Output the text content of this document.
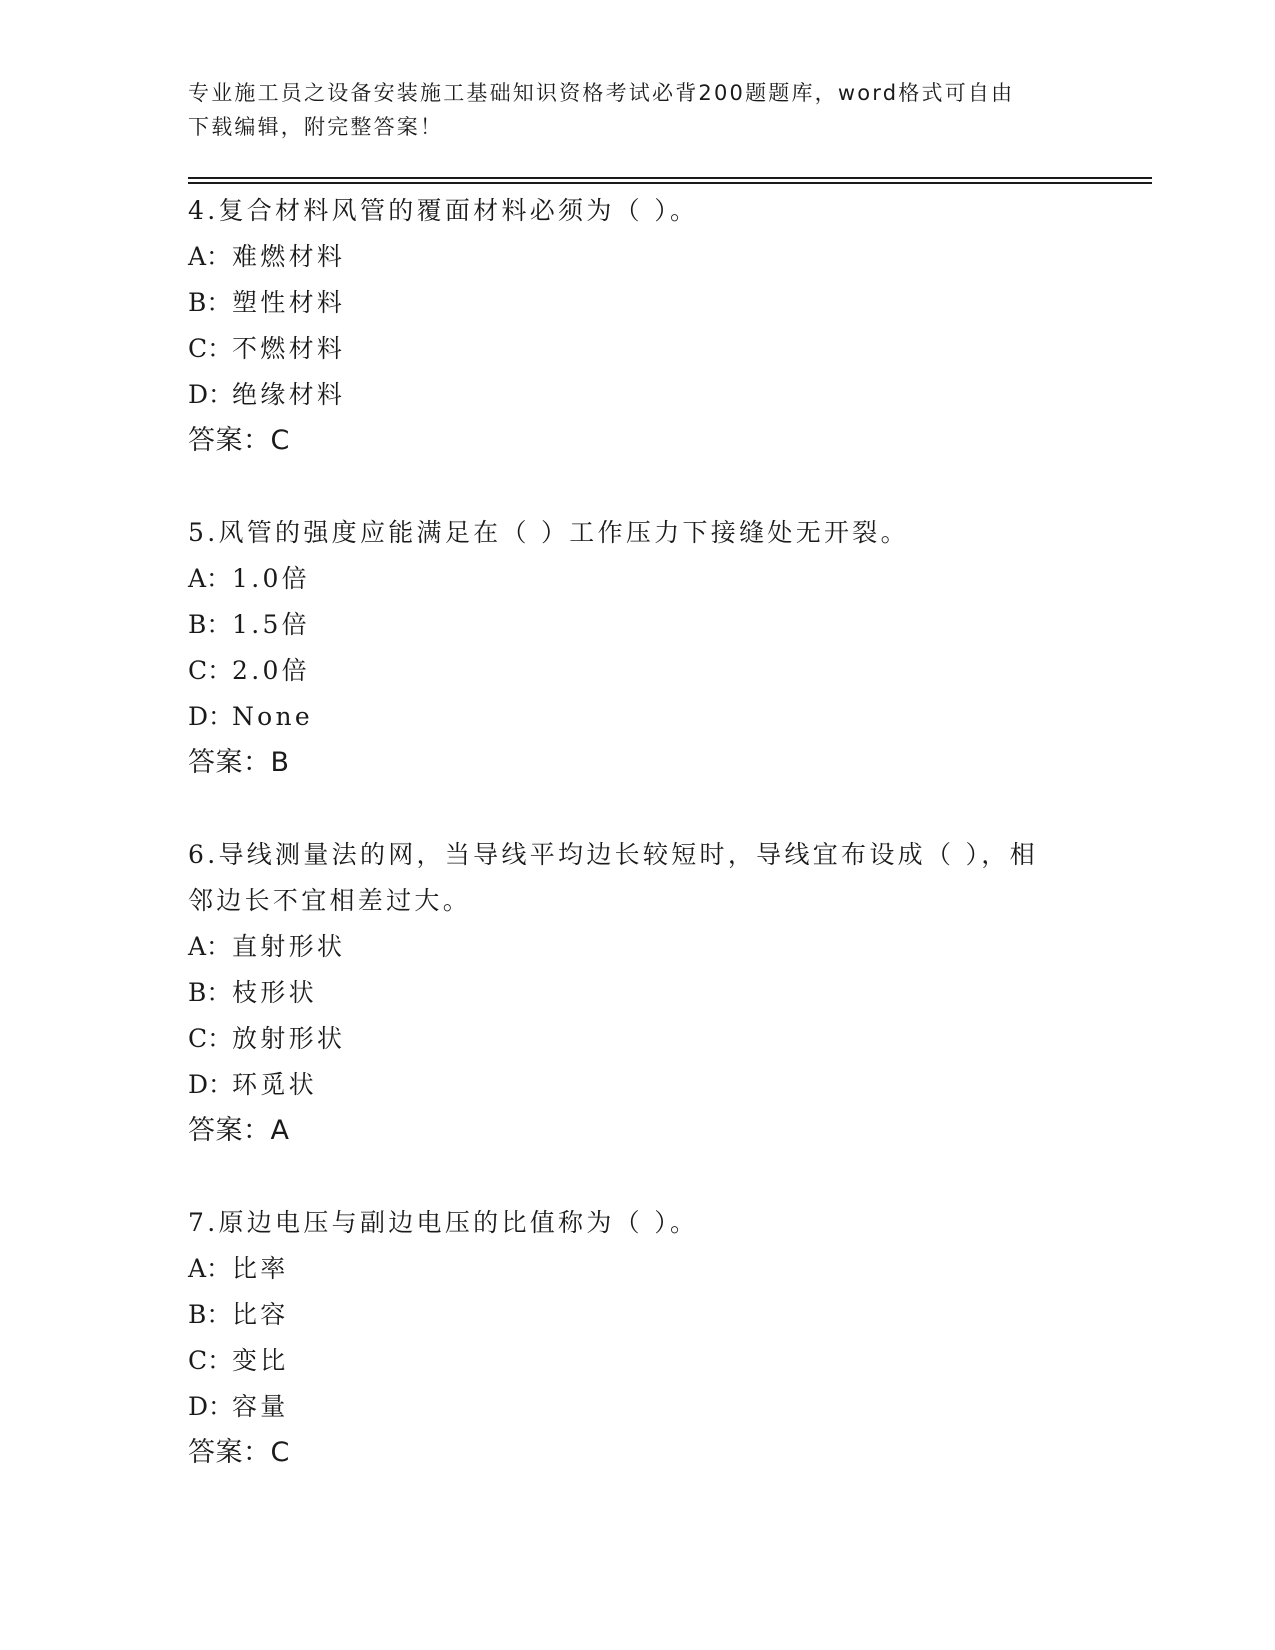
专业施工员之设备安装施工基础知识资格考试必背200题题库，word格式可自由
下载编辑，附完整答案！

4.复合材料风管的覆面材料必须为（ ）。

A：难燃材料

B：塑性材料

C：不燃材料

D：绝缘材料

答案：C

5.风管的强度应能满足在（ ）工作压力下接缝处无开裂。

A：1.0倍

B：1.5倍

C：2.0倍

D：None

答案：B

6.导线测量法的网，当导线平均边长较短时，导线宜布设成（ ），相

邻边长不宜相差过大。

A：直射形状

B：枝形状

C：放射形状

D：环觅状

答案：A

7.原边电压与副边电压的比值称为（ ）。

A：比率

B：比容

C：变比

D：容量

答案：C
